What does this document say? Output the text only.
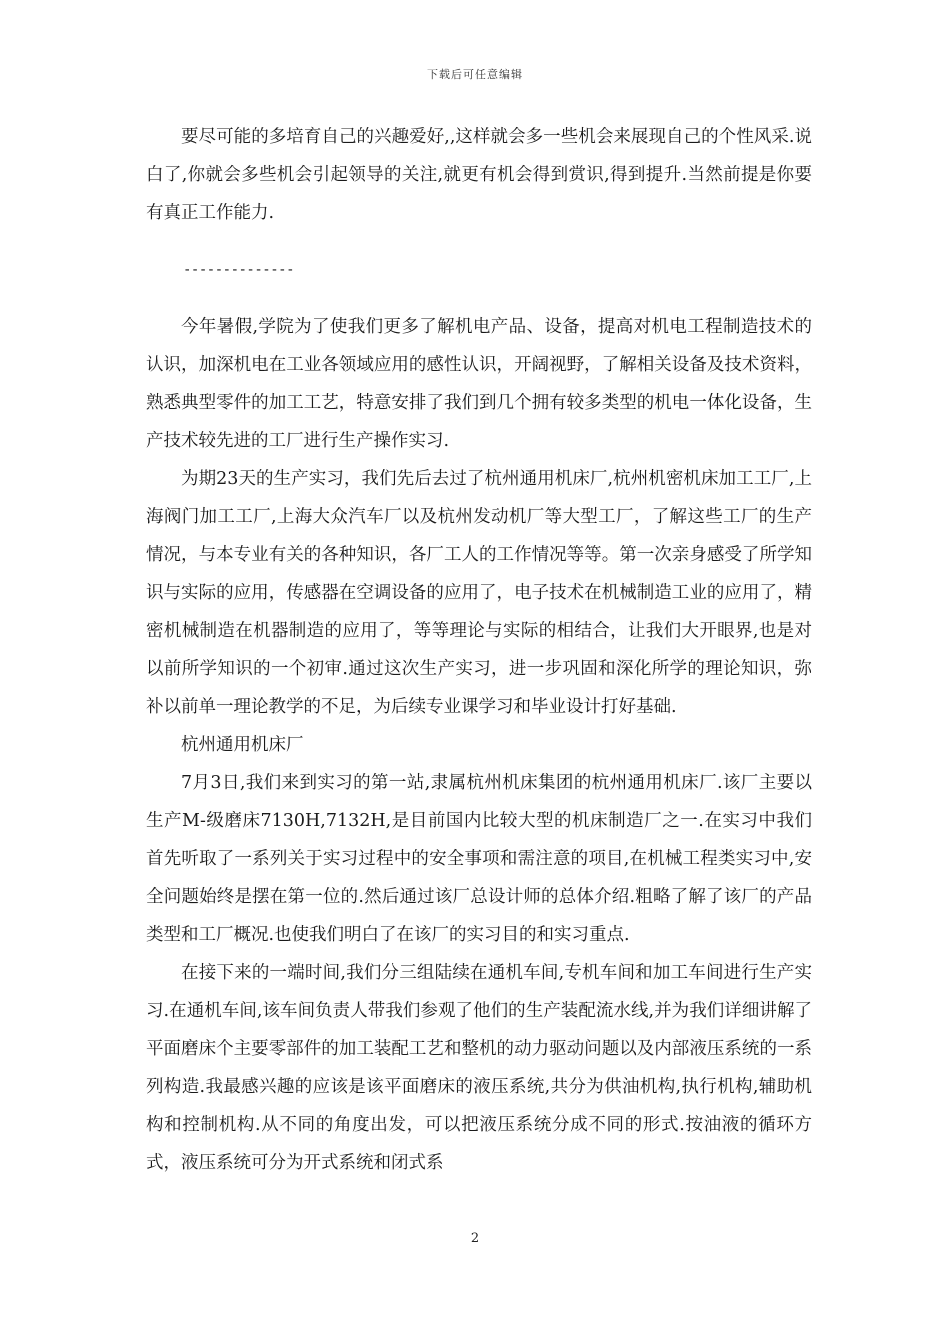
下载后可任意编辑

要尽可能的多培育自己的兴趣爱好,,这样就会多一些机会来展现自己的个性风采.说白了,你就会多些机会引起领导的关注,就更有机会得到赏识,得到提升.当然前提是你要有真正工作能力.

--------------

今年暑假,学院为了使我们更多了解机电产品、设备，提高对机电工程制造技术的认识，加深机电在工业各领域应用的感性认识，开阔视野，了解相关设备及技术资料，熟悉典型零件的加工工艺，特意安排了我们到几个拥有较多类型的机电一体化设备，生产技术较先进的工厂进行生产操作实习.

为期23天的生产实习，我们先后去过了杭州通用机床厂,杭州机密机床加工工厂,上海阀门加工工厂,上海大众汽车厂以及杭州发动机厂等大型工厂，了解这些工厂的生产情况，与本专业有关的各种知识，各厂工人的工作情况等等。第一次亲身感受了所学知识与实际的应用，传感器在空调设备的应用了，电子技术在机械制造工业的应用了，精密机械制造在机器制造的应用了，等等理论与实际的相结合，让我们大开眼界,也是对以前所学知识的一个初审.通过这次生产实习，进一步巩固和深化所学的理论知识，弥补以前单一理论教学的不足，为后续专业课学习和毕业设计打好基础.

杭州通用机床厂

7月3日,我们来到实习的第一站,隶属杭州机床集团的杭州通用机床厂.该厂主要以生产M-级磨床7130H,7132H,是目前国内比较大型的机床制造厂之一.在实习中我们首先听取了一系列关于实习过程中的安全事项和需注意的项目,在机械工程类实习中,安全问题始终是摆在第一位的.然后通过该厂总设计师的总体介绍.粗略了解了该厂的产品类型和工厂概况.也使我们明白了在该厂的实习目的和实习重点.

在接下来的一端时间,我们分三组陆续在通机车间,专机车间和加工车间进行生产实习.在通机车间,该车间负责人带我们参观了他们的生产装配流水线,并为我们详细讲解了平面磨床个主要零部件的加工装配工艺和整机的动力驱动问题以及内部液压系统的一系列构造.我最感兴趣的应该是该平面磨床的液压系统,共分为供油机构,执行机构,辅助机构和控制机构.从不同的角度出发，可以把液压系统分成不同的形式.按油液的循环方式，液压系统可分为开式系统和闭式系

2
